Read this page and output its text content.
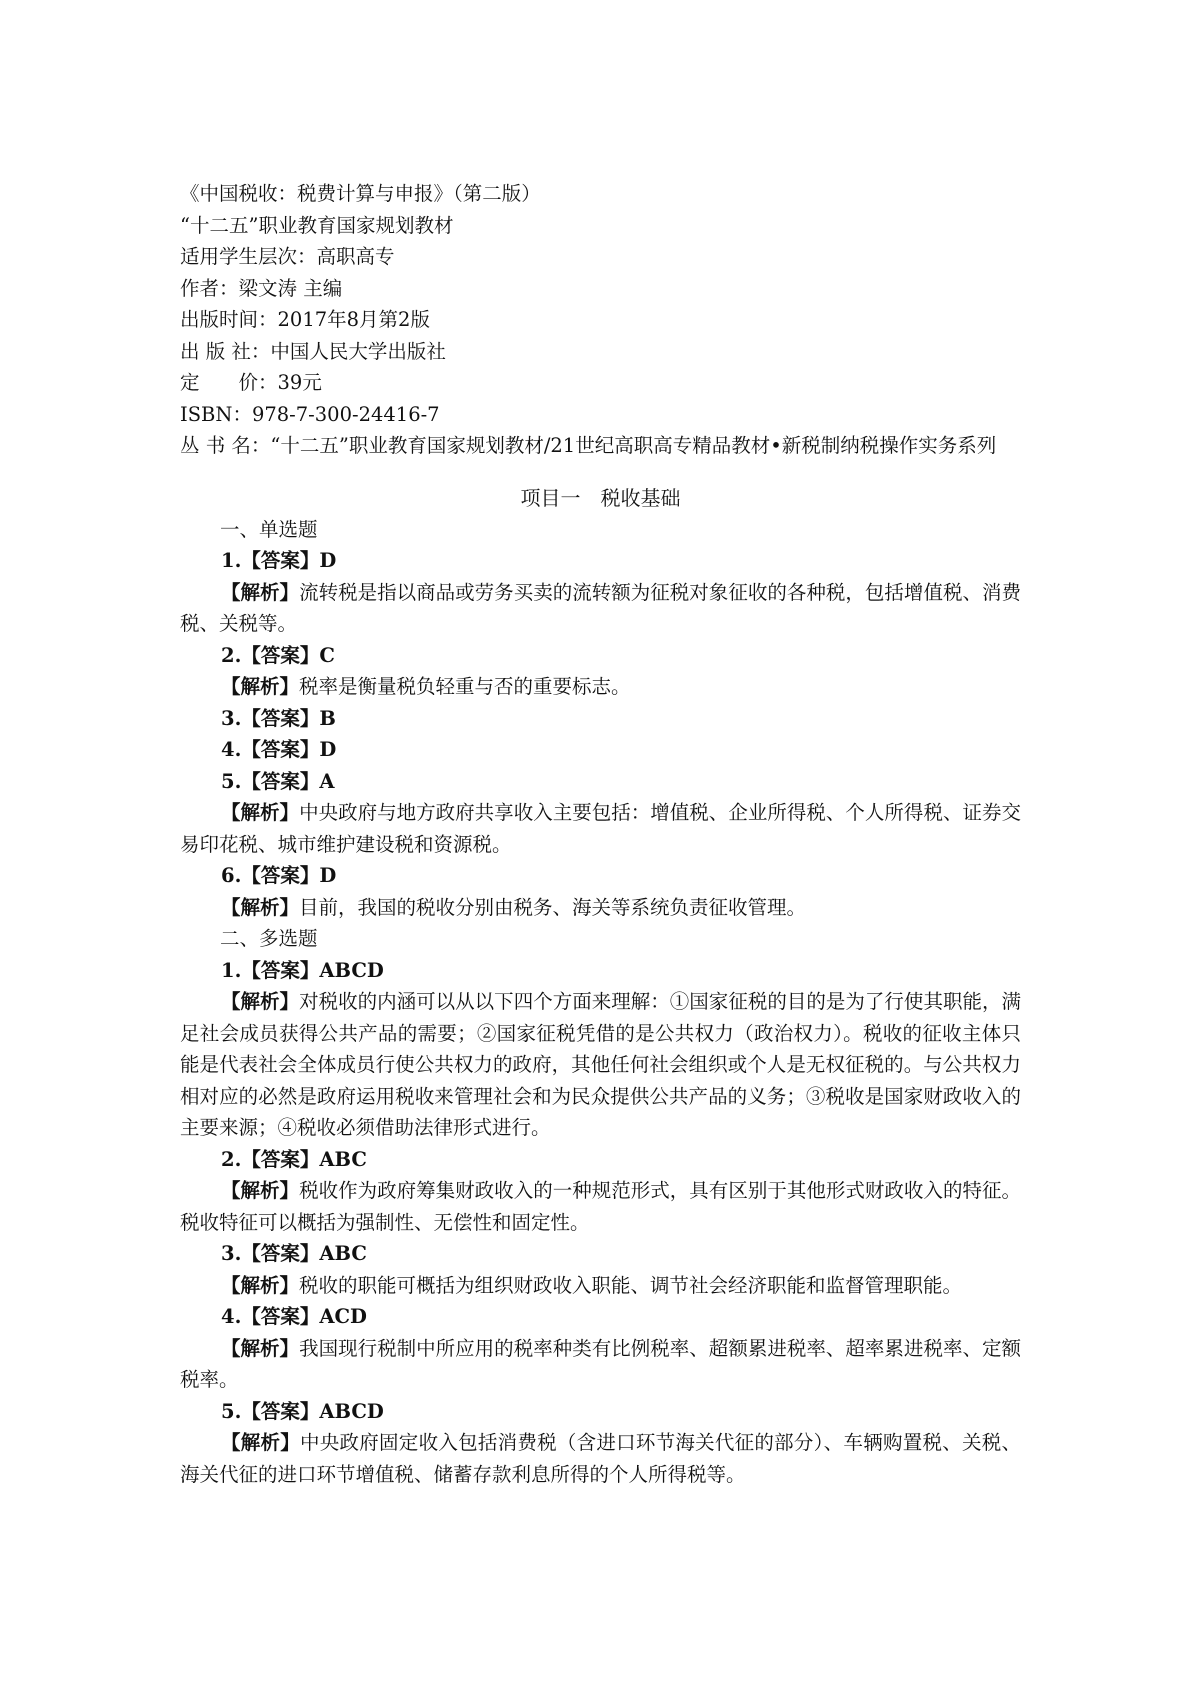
《中国税收：税费计算与申报》（第二版）
“十二五”职业教育国家规划教材
适用学生层次：高职高专
作者：梁文涛 主编
出版时间：2017年8月第2版
出 版 社：中国人民大学出版社
定　　价：39元
ISBN：978-7-300-24416-7
丛 书 名：“十二五”职业教育国家规划教材/21世纪高职高专精品教材•新税制纳税操作实务系列
项目一　税收基础
一、单选题
1.【答案】D
【解析】流转税是指以商品或劳务买卖的流转额为征税对象征收的各种税，包括增值税、消费税、关税等。
2.【答案】C
【解析】税率是衡量税负轻重与否的重要标志。
3.【答案】B
4.【答案】D
5.【答案】A
【解析】中央政府与地方政府共享收入主要包括：增值税、企业所得税、个人所得税、证券交易印花税、城市维护建设税和资源税。
6.【答案】D
【解析】目前，我国的税收分别由税务、海关等系统负责征收管理。
二、多选题
1.【答案】ABCD
【解析】对税收的内涵可以从以下四个方面来理解：①国家征税的目的是为了行使其职能，满足社会成员获得公共产品的需要；②国家征税凭借的是公共权力（政治权力）。税收的征收主体只能是代表社会全体成员行使公共权力的政府，其他任何社会组织或个人是无权征税的。与公共权力相对应的必然是政府运用税收来管理社会和为民众提供公共产品的义务；③税收是国家财政收入的主要来源；④税收必须借助法律形式进行。
2.【答案】ABC
【解析】税收作为政府筹集财政收入的一种规范形式，具有区别于其他形式财政收入的特征。税收特征可以概括为强制性、无偿性和固定性。
3.【答案】ABC
【解析】税收的职能可概括为组织财政收入职能、调节社会经济职能和监督管理职能。
4.【答案】ACD
【解析】我国现行税制中所应用的税率种类有比例税率、超额累进税率、超率累进税率、定额税率。
5.【答案】ABCD
【解析】中央政府固定收入包括消费税（含进口环节海关代征的部分）、车辆购置税、关税、海关代征的进口环节增值税、储蓄存款利息所得的个人所得税等。
